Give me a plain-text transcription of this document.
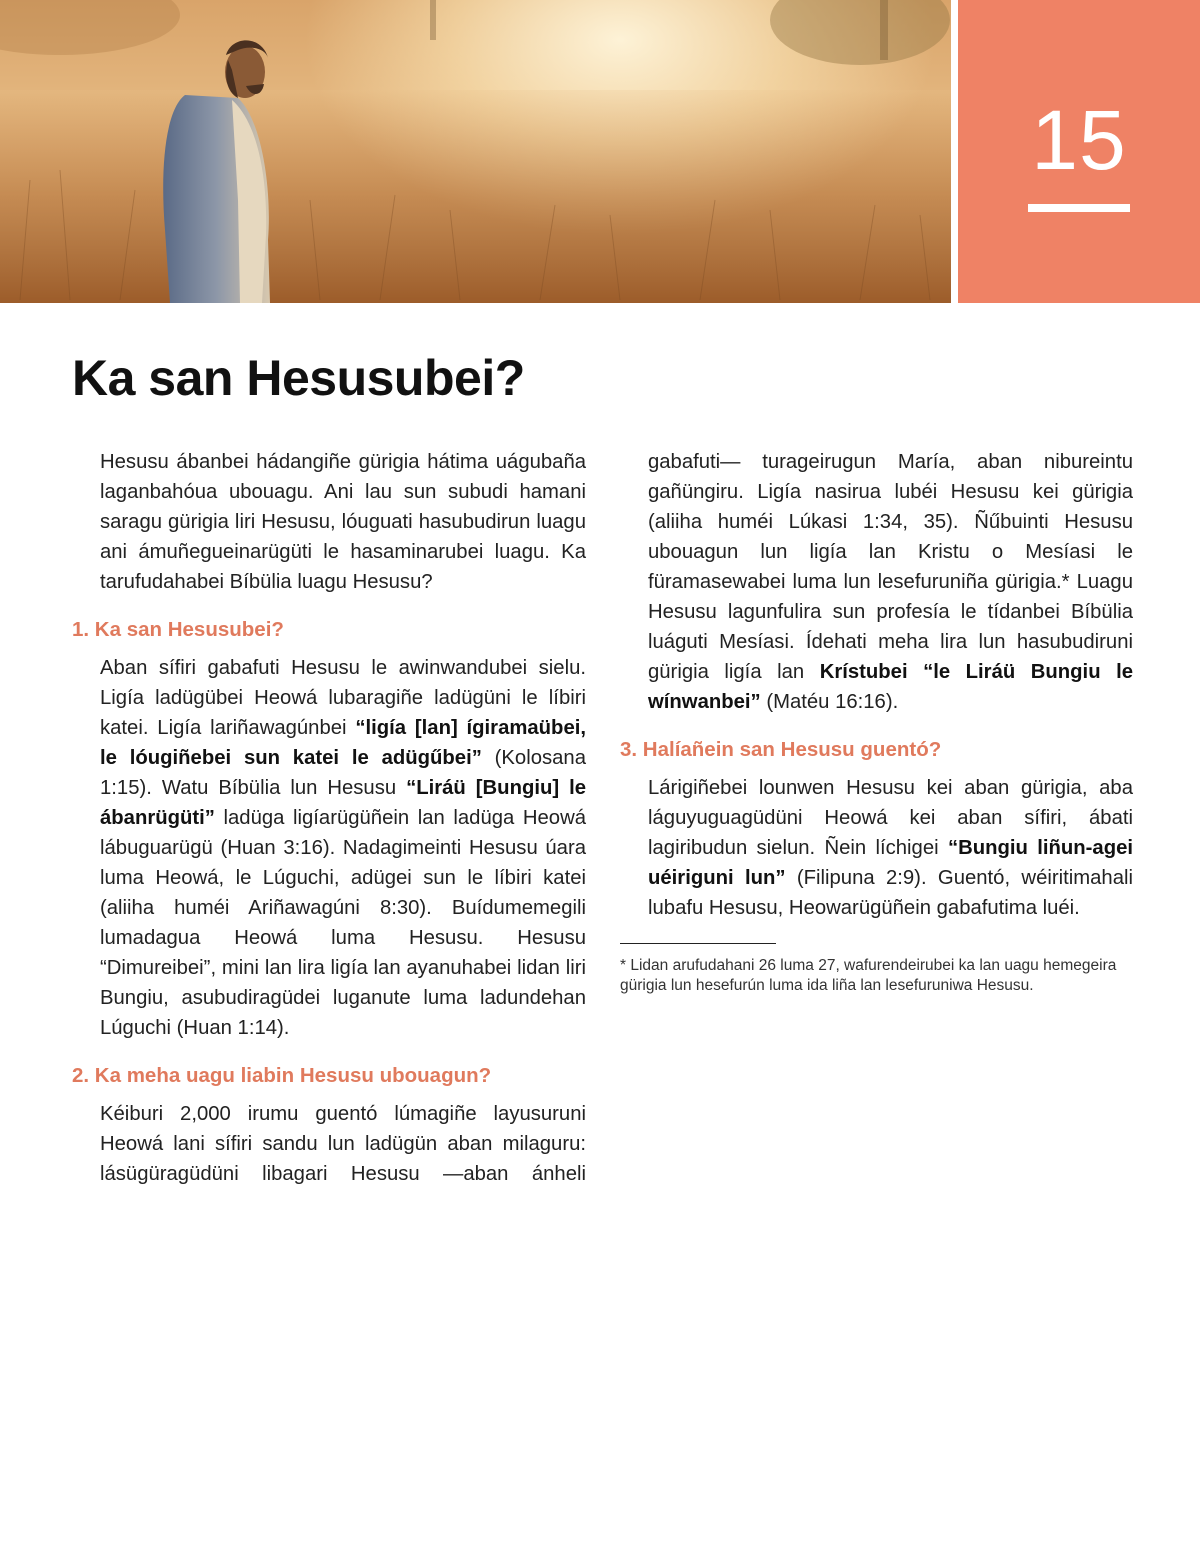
15
Ka san Hesusubei?

Hesusu ábanbei hádangiñe gürigia hátima uágubaña laganbahóua ubouagu. Ani lau sun subudi hamani saragu gürigia liri Hesusu, lóuguati hasubudirun luagu ani ámuñegueinarügüti le hasaminarubei luagu. Ka tarufudahabei Bíbülia luagu Hesusu?

1. Ka san Hesusubei?

Aban sífiri gabafuti Hesusu le awinwandubei sielu. Ligía ladügübei Heowá lubaragiñe ladügüni le líbiri katei. Ligía lariñawagúnbei “ligía [lan] ígiramaübei, le lóugiñebei sun katei le adügűbei” (Kolosana 1:15). Watu Bíbülia lun Hesusu “Liráü [Bungiu] le ábanrügüti” ladüga ligíarügüñein lan ladüga Heowá lábuguarügü (Huan 3:16). Nadagimeinti Hesusu úara luma Heowá, le Lúguchi, adügei sun le líbiri katei (aliiha huméi Ariñawagúni 8:30). Buídumemegili lumadagua Heowá luma Hesusu. Hesusu “Dimureibei”, mini lan lira ligía lan ayanuhabei lidan liri Bungiu, asubudiragüdei luganute luma ladundehan Lúguchi (Huan 1:14).

2. Ka meha uagu liabin Hesusu ubouagun?

Kéiburi 2,000 irumu guentó lúmagiñe layusuruni Heowá lani sífiri sandu lun ladügün aban milaguru: lásügüragüdüni libagari Hesusu —aban ánheli

gabafuti— turageirugun María, aban nibureintu gañüngiru. Ligía nasirua lubéi Hesusu kei gürigia (aliiha huméi Lúkasi 1:34, 35). Ñűbuinti Hesusu ubouagun lun ligía lan Kristu o Mesíasi le füramasewabei luma lun lesefuruniña gürigia.* Luagu Hesusu lagunfulira sun profesía le tídanbei Bíbülia luáguti Mesíasi. Ídehati meha lira lun hasubudiruni gürigia ligía lan Krístubei “le Liráü Bungiu le wínwanbei” (Matéu 16:16).

3. Halíañein san Hesusu guentó?

Lárigiñebei lounwen Hesusu kei aban gürigia, aba láguyuguagüdüni Heowá kei aban sífiri, ábati lagiribudun sielun. Ñein líchigei “Bungiu liñun-agei uéiriguni lun” (Filipuna 2:9). Guentó, wéiritimahali lubafu Hesusu, Heowarügüñein gabafutima luéi.

* Lidan arufudahani 26 luma 27, wafurendeirubei ka lan uagu hemegeira gürigia lun hesefurún luma ida liña lan lesefuruniwa Hesusu.
